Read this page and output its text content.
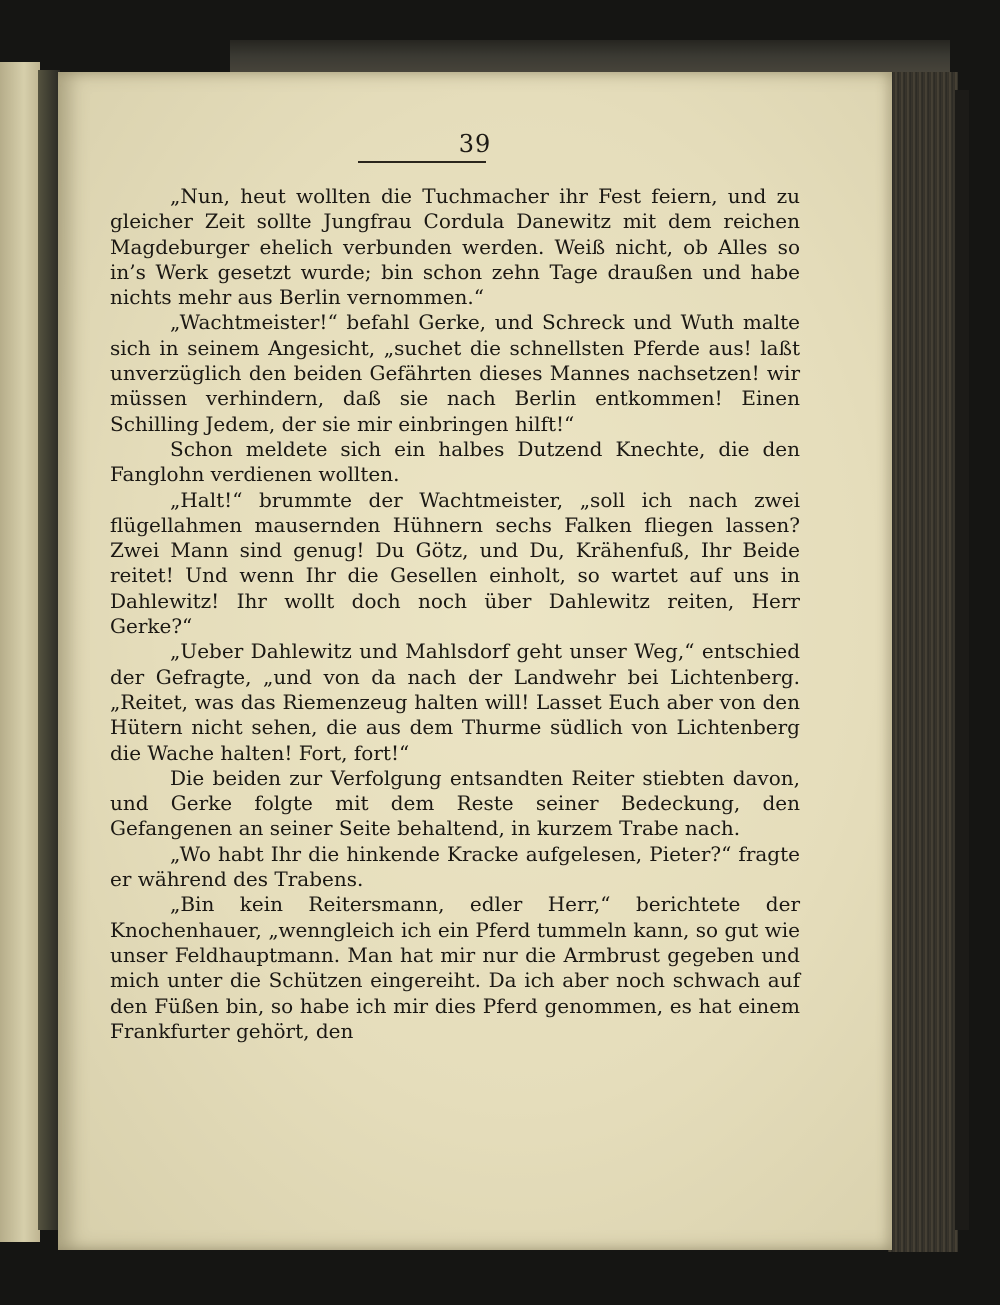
39

„Nun, heut wollten die Tuchmacher ihr Fest feiern, und zu gleicher Zeit sollte Jungfrau Cordula Danewitz mit dem reichen Magdeburger ehelich verbunden werden. Weiß nicht, ob Alles so in’s Werk gesetzt wurde; bin schon zehn Tage draußen und habe nichts mehr aus Berlin vernommen.“

„Wachtmeister!“ befahl Gerke, und Schreck und Wuth malte sich in seinem Angesicht, „suchet die schnellsten Pferde aus! laßt unverzüglich den beiden Gefährten dieses Mannes nachsetzen! wir müssen verhindern, daß sie nach Berlin entkommen! Einen Schilling Jedem, der sie mir einbringen hilft!“

Schon meldete sich ein halbes Dutzend Knechte, die den Fanglohn verdienen wollten.

„Halt!“ brummte der Wachtmeister, „soll ich nach zwei flügellahmen mausernden Hühnern sechs Falken fliegen lassen? Zwei Mann sind genug! Du Götz, und Du, Krähenfuß, Ihr Beide reitet! Und wenn Ihr die Gesellen einholt, so wartet auf uns in Dahlewitz! Ihr wollt doch noch über Dahlewitz reiten, Herr Gerke?“

„Ueber Dahlewitz und Mahlsdorf geht unser Weg,“ entschied der Gefragte, „und von da nach der Landwehr bei Lichtenberg. „Reitet, was das Riemenzeug halten will! Lasset Euch aber von den Hütern nicht sehen, die aus dem Thurme südlich von Lichtenberg die Wache halten! Fort, fort!“

Die beiden zur Verfolgung entsandten Reiter stiebten davon, und Gerke folgte mit dem Reste seiner Bedeckung, den Gefangenen an seiner Seite behaltend, in kurzem Trabe nach.

„Wo habt Ihr die hinkende Kracke aufgelesen, Pieter?“ fragte er während des Trabens.

„Bin kein Reitersmann, edler Herr,“ berichtete der Knochenhauer, „wenngleich ich ein Pferd tummeln kann, so gut wie unser Feldhauptmann. Man hat mir nur die Armbrust gegeben und mich unter die Schützen eingereiht. Da ich aber noch schwach auf den Füßen bin, so habe ich mir dies Pferd genommen, es hat einem Frankfurter gehört, den
